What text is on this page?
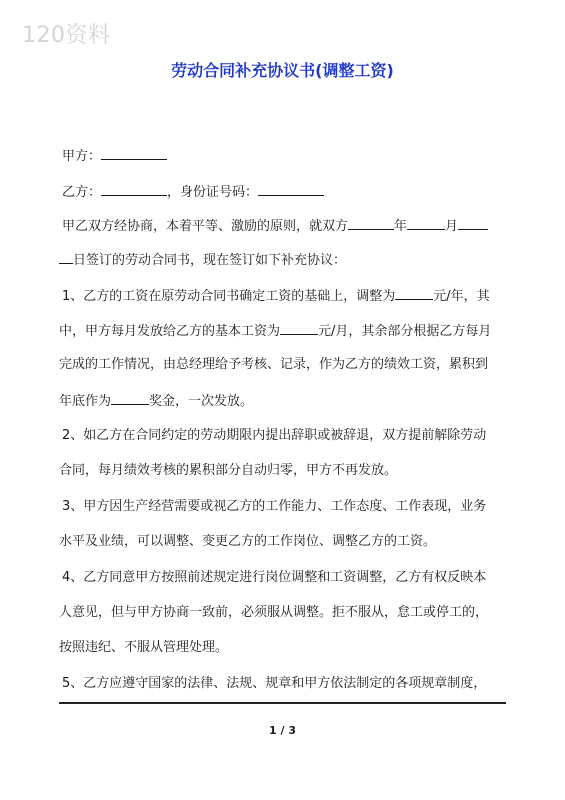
120资料
劳动合同补充协议书(调整工资)
甲方：
乙方：	，身份证号码：
甲乙双方经协商，本着平等、激励的原则，就双方	年	月
日签订的劳动合同书，现在签订如下补充协议：
1、乙方的工资在原劳动合同书确定工资的基础上，调整为	元/年，其
中，甲方每月发放给乙方的基本工资为	元/月，其余部分根据乙方每月
完成的工作情况，由总经理给予考核、记录，作为乙方的绩效工资，累积到
年底作为	奖金，一次发放。
2、如乙方在合同约定的劳动期限内提出辞职或被辞退，双方提前解除劳动
合同，每月绩效考核的累积部分自动归零，甲方不再发放。
3、甲方因生产经营需要或视乙方的工作能力、工作态度、工作表现，业务
水平及业绩，可以调整、变更乙方的工作岗位、调整乙方的工资。
4、乙方同意甲方按照前述规定进行岗位调整和工资调整，乙方有权反映本
人意见，但与甲方协商一致前，必须服从调整。拒不服从，怠工或停工的，
按照违纪、不服从管理处理。
5、乙方应遵守国家的法律、法规、规章和甲方依法制定的各项规章制度，
1 / 3
